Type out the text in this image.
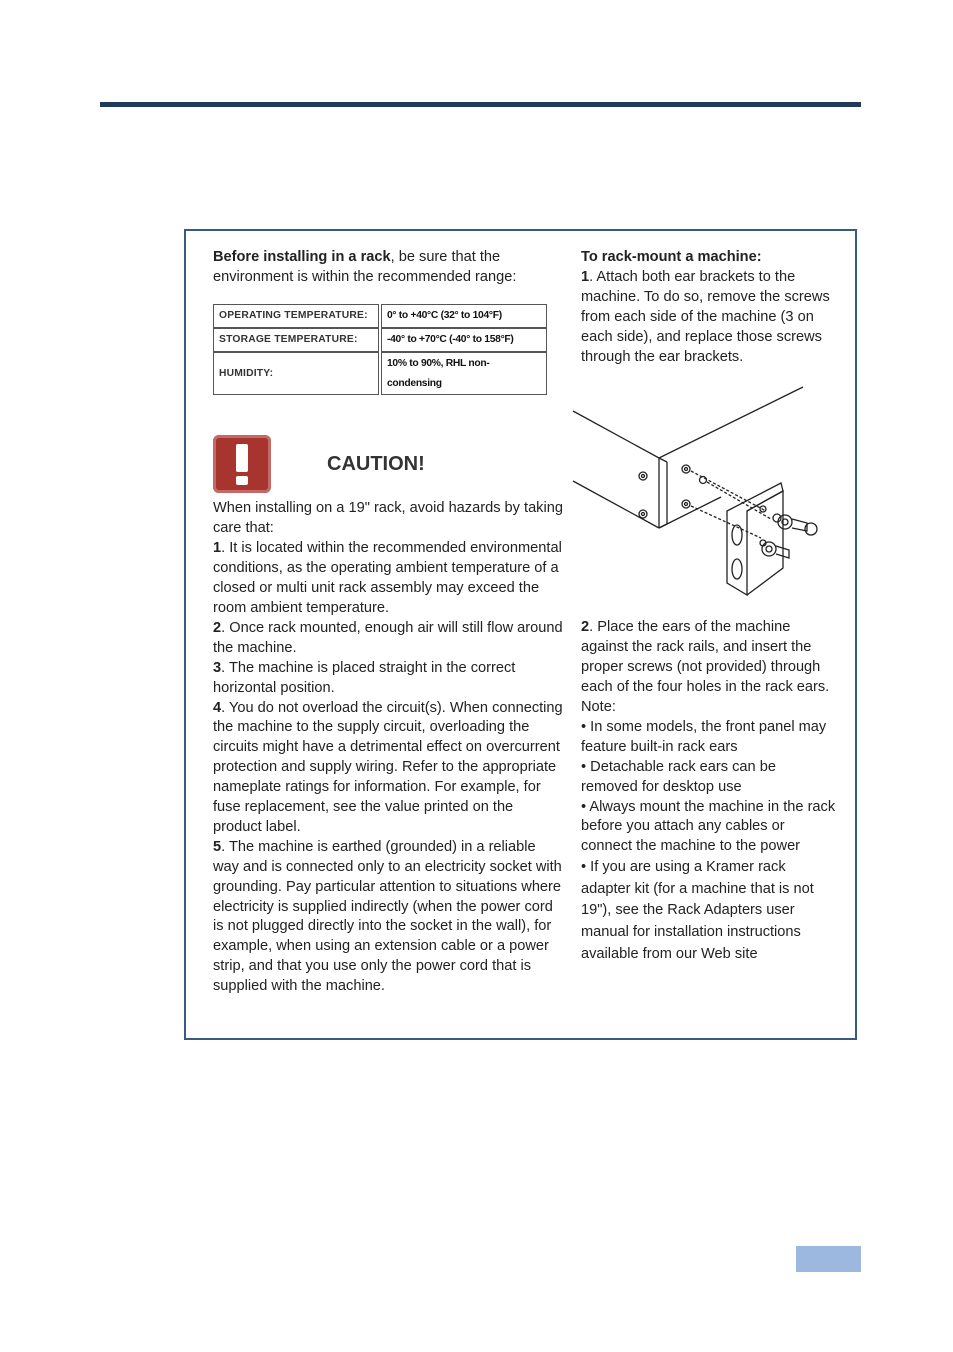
Before installing in a rack, be sure that the environment is within the recommended range:

OPERATING TEMPERATURE:	0° to +40°C (32° to 104°F)
STORAGE TEMPERATURE:	-40° to +70°C (-40° to 158°F)
HUMIDITY:	10% to 90%, RHL non-condensing
CAUTION!

When installing on a 19" rack, avoid hazards by taking care that:

1. It is located within the recommended environmental conditions, as the operating ambient temperature of a closed or multi unit rack assembly may exceed the room ambient temperature.

2. Once rack mounted, enough air will still flow around the machine.

3. The machine is placed straight in the correct horizontal position.

4. You do not overload the circuit(s). When connecting the machine to the supply circuit, overloading the circuits might have a detrimental effect on overcurrent protection and supply wiring. Refer to the appropriate nameplate ratings for information. For example, for fuse replacement, see the value printed on the product label.

5. The machine is earthed (grounded) in a reliable way and is connected only to an electricity socket with grounding. Pay particular attention to situations where electricity is supplied indirectly (when the power cord is not plugged directly into the socket in the wall), for example, when using an extension cable or a power strip, and that you use only the power cord that is supplied with the machine.

To rack-mount a machine:

1. Attach both ear brackets to the machine. To do so, remove the screws from each side of the machine (3 on each side), and replace those screws through the ear brackets.

2. Place the ears of the machine against the rack rails, and insert the proper screws (not provided) through each of the four holes in the rack ears.

Note:

• In some models, the front panel may feature built-in rack ears

• Detachable rack ears can be removed for desktop use

• Always mount the machine in the rack before you attach any cables or connect the machine to the power

• If you are using a Kramer rack adapter kit (for a machine that is not 19"), see the Rack Adapters user manual for installation instructions available from our Web site
